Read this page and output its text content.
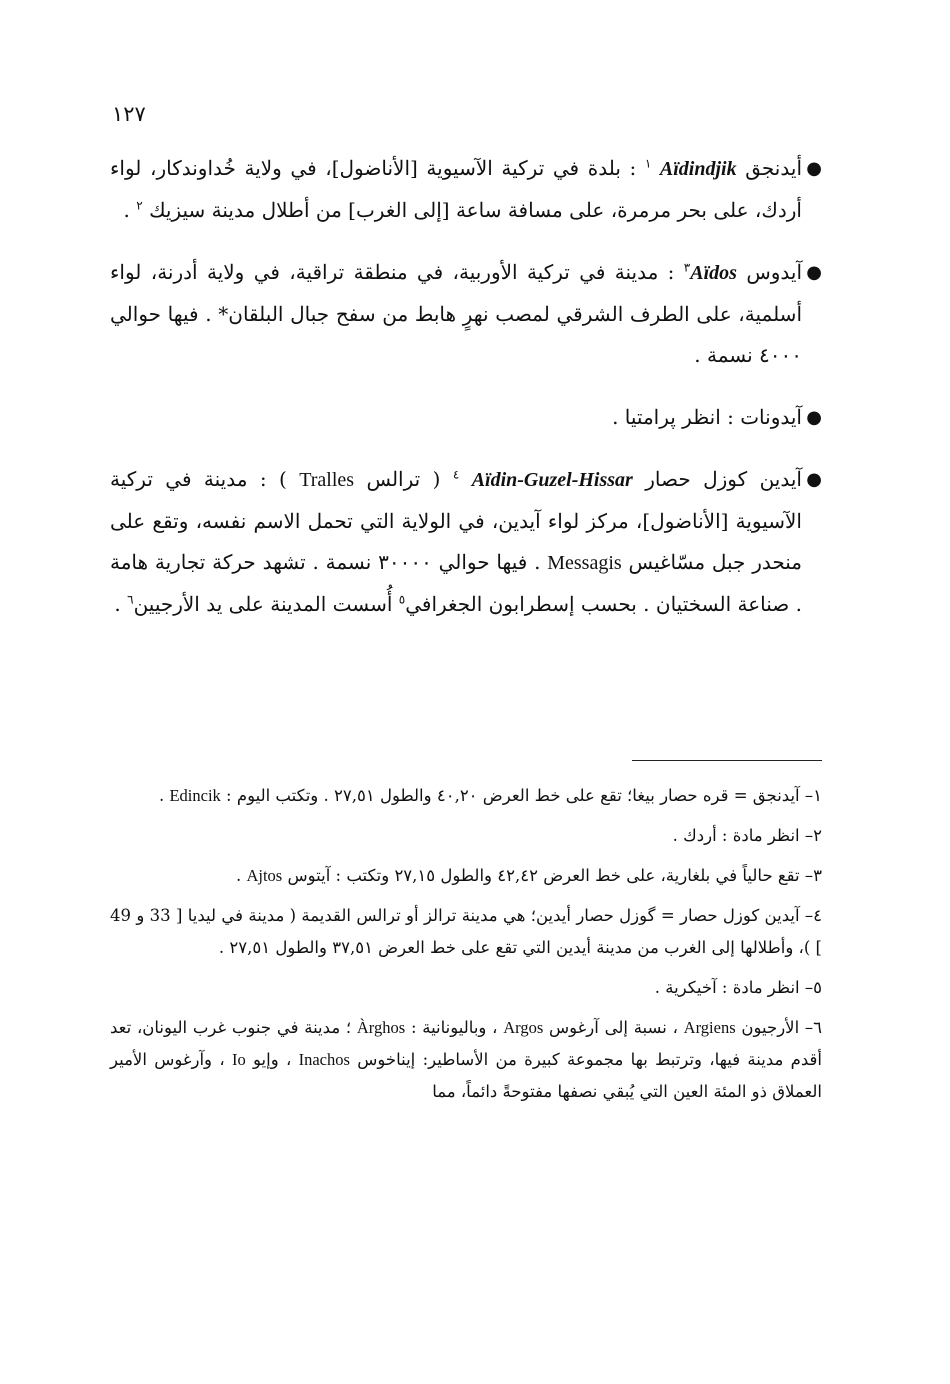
١٢٧
●
أيدنجق Aïdindjik $^١$ : بلدة في تركية الآسيوية [الأناضول]، في ولاية خُداوندكار، لواء أردك، على بحر مرمرة، على مسافة ساعة [إلى الغرب] من أطلال مدينة سيزيك $^٢$ .
●
آيدوس Aïdos$^٣$ : مدينة في تركية الأوربية، في منطقة تراقية، في ولاية أدرنة، لواء أسلمية، على الطرف الشرقي لمصب نهرٍ هابط من سفح جبال البلقان* . فيها حوالي ٤٠٠٠ نسمة .
●
آيدونات : انظر پرامتيا .
●
آيدين كوزل حصار Aïdin-Guzel-Hissar $^٤$ ( ترالس Tralles ) : مدينة في تركية الآسيوية [الأناضول]، مركز لواء آيدين، في الولاية التي تحمل الاسم نفسه، وتقع على منحدر جبل مسّاغيس Messagis . فيها حوالي ٣٠٠٠٠ نسمة . تشهد حركة تجارية هامة . صناعة السختيان . بحسب إسطرابون الجغرافي$^٥$ أُسست المدينة على يد الأرجيين$^٦$ .

١– آيدنجق = قره حصار بيغا؛ تقع على خط العرض ٤٠,٢٠ والطول ٢٧,٥١ . وتكتب اليوم : Edincik .

٢– انظر مادة : أردك .

٣– تقع حالياً في بلغارية، على خط العرض ٤٢,٤٢ والطول ٢٧,١٥ وتكتب : آيتوس Ajtos .

٤– آيدين كوزل حصار = گوزل حصار أيدين؛ هي مدينة ترالز أو ترالس القديمة ( مدينة في ليديا [ 33 و 49 ] )، وأطلالها إلى الغرب من مدينة أيدين التي تقع على خط العرض ٣٧,٥١ والطول ٢٧,٥١ .

٥– انظر مادة : آخيكرية .

٦– الأرجيون Argiens ، نسبة إلى آرغوس Argos ، وباليونانية : Àrghos ؛ مدينة في جنوب غرب اليونان، تعد أقدم مدينة فيها، وترتبط بها مجموعة كبيرة من الأساطير: إيناخوس Inachos ، وإيو Io ، وآرغوس الأمير العملاق ذو المئة العين التي يُبقي نصفها مفتوحةً دائماً، مما
